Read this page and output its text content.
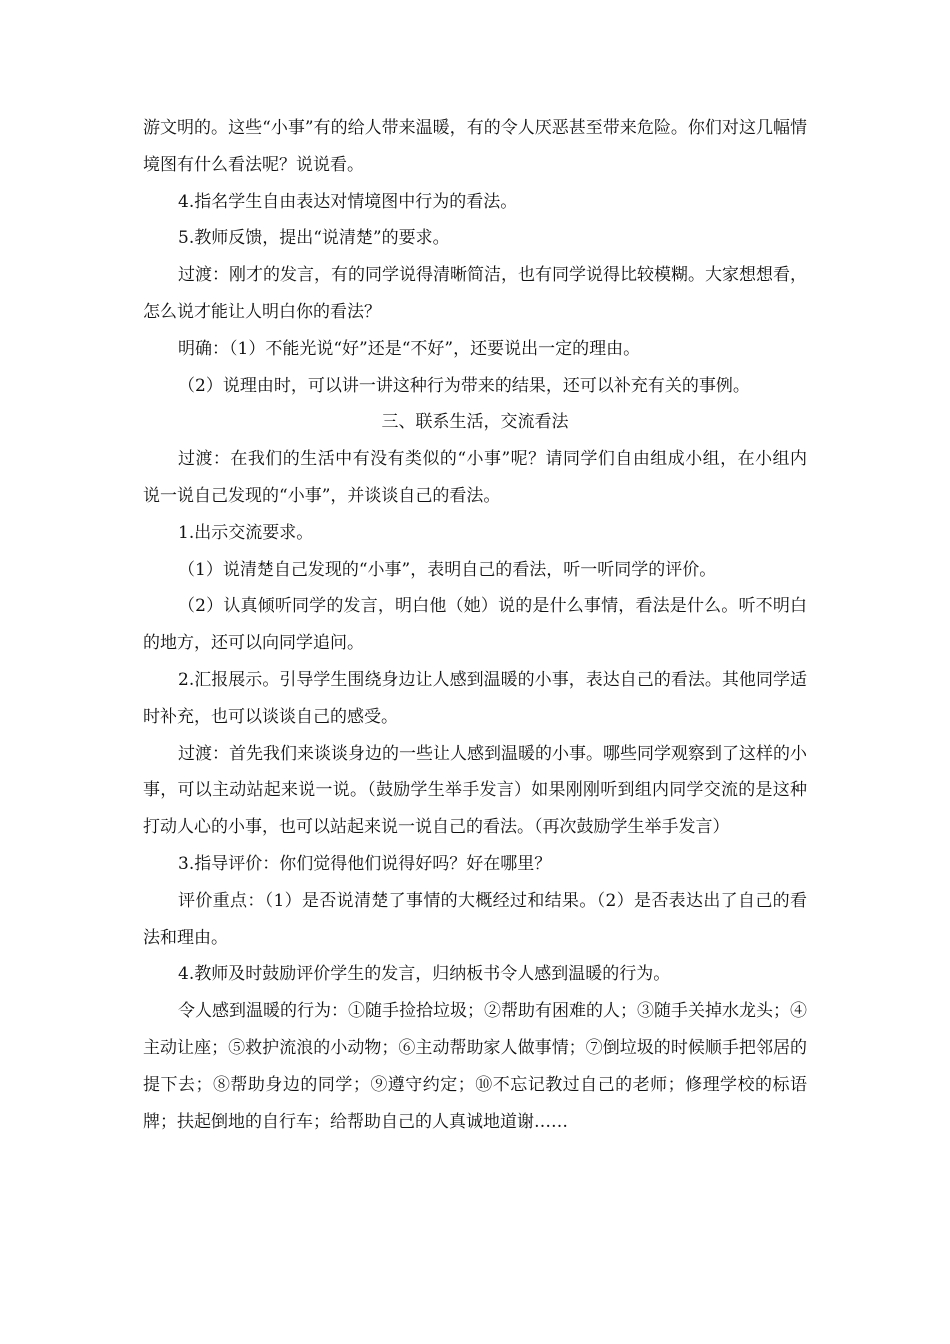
游文明的。这些“小事”有的给人带来温暖，有的令人厌恶甚至带来危险。你们对这几幅情境图有什么看法呢？说说看。

4.指名学生自由表达对情境图中行为的看法。

5.教师反馈，提出“说清楚”的要求。

过渡：刚才的发言，有的同学说得清晰简洁，也有同学说得比较模糊。大家想想看，怎么说才能让人明白你的看法？

明确：（1）不能光说“好”还是“不好”，还要说出一定的理由。

（2）说理由时，可以讲一讲这种行为带来的结果，还可以补充有关的事例。

三、联系生活，交流看法

过渡：在我们的生活中有没有类似的“小事”呢？请同学们自由组成小组，在小组内说一说自己发现的“小事”，并谈谈自己的看法。

1.出示交流要求。

（1）说清楚自己发现的“小事”，表明自己的看法，听一听同学的评价。

（2）认真倾听同学的发言，明白他（她）说的是什么事情，看法是什么。听不明白的地方，还可以向同学追问。

2.汇报展示。引导学生围绕身边让人感到温暖的小事，表达自己的看法。其他同学适时补充，也可以谈谈自己的感受。

过渡：首先我们来谈谈身边的一些让人感到温暖的小事。哪些同学观察到了这样的小事，可以主动站起来说一说。（鼓励学生举手发言）如果刚刚听到组内同学交流的是这种打动人心的小事，也可以站起来说一说自己的看法。（再次鼓励学生举手发言）

3.指导评价：你们觉得他们说得好吗？好在哪里？

评价重点：（1）是否说清楚了事情的大概经过和结果。（2）是否表达出了自己的看法和理由。

4.教师及时鼓励评价学生的发言，归纳板书令人感到温暖的行为。

令人感到温暖的行为：①随手捡拾垃圾；②帮助有困难的人；③随手关掉水龙头；④主动让座；⑤救护流浪的小动物；⑥主动帮助家人做事情；⑦倒垃圾的时候顺手把邻居的提下去；⑧帮助身边的同学；⑨遵守约定；⑩不忘记教过自己的老师；修理学校的标语牌；扶起倒地的自行车；给帮助自己的人真诚地道谢……
